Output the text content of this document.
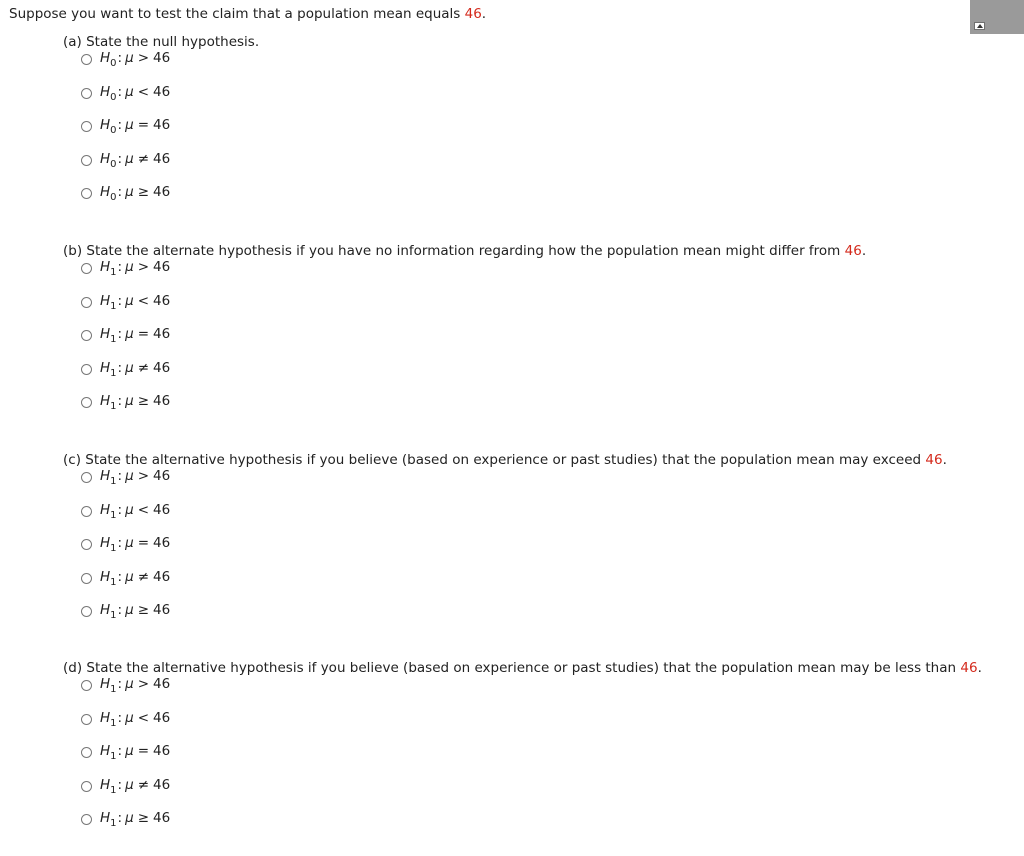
Suppose you want to test the claim that a population mean equals 46.
(a) State the null hypothesis.
$H_0$: μ > 46
$H_0$: μ < 46
$H_0$: μ = 46
$H_0$: μ ≠ 46
$H_0$: μ ≥ 46
(b) State the alternate hypothesis if you have no information regarding how the population mean might differ from 46.
$H_1$: μ > 46
$H_1$: μ < 46
$H_1$: μ = 46
$H_1$: μ ≠ 46
$H_1$: μ ≥ 46
(c) State the alternative hypothesis if you believe (based on experience or past studies) that the population mean may exceed 46.
$H_1$: μ > 46
$H_1$: μ < 46
$H_1$: μ = 46
$H_1$: μ ≠ 46
$H_1$: μ ≥ 46
(d) State the alternative hypothesis if you believe (based on experience or past studies) that the population mean may be less than 46.
$H_1$: μ > 46
$H_1$: μ < 46
$H_1$: μ = 46
$H_1$: μ ≠ 46
$H_1$: μ ≥ 46
